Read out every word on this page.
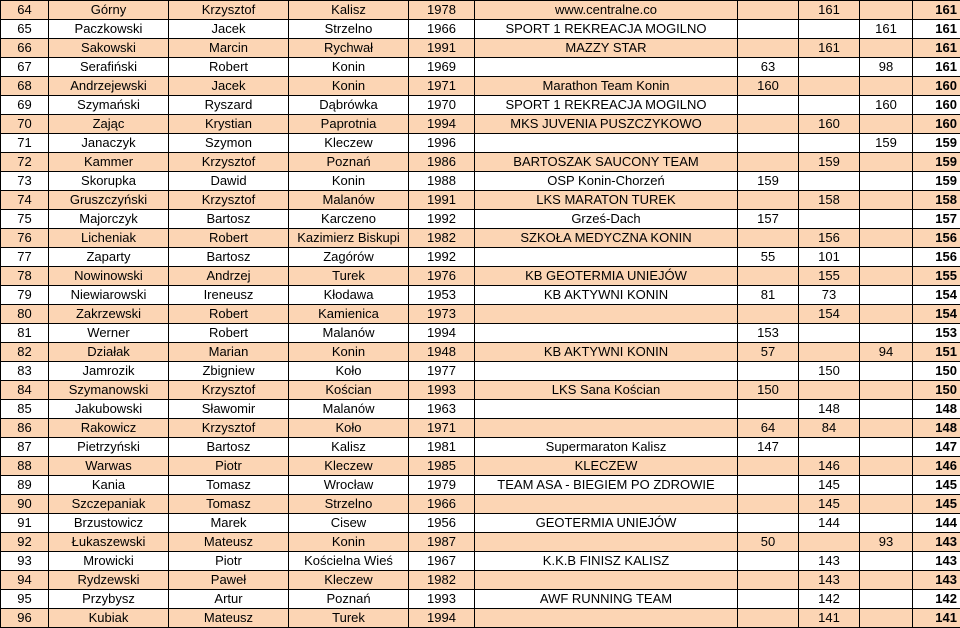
64	Górny	Krzysztof	Kalisz	1978	www.centralne.co		161		161
65	Paczkowski	Jacek	Strzelno	1966	SPORT 1 REKREACJA MOGILNO			161	161
66	Sakowski	Marcin	Rychwał	1991	MAZZY STAR		161		161
67	Serafiński	Robert	Konin	1969		63		98	161
68	Andrzejewski	Jacek	Konin	1971	Marathon Team Konin	160			160
69	Szymański	Ryszard	Dąbrówka	1970	SPORT 1 REKREACJA MOGILNO			160	160
70	Zając	Krystian	Paprotnia	1994	MKS JUVENIA PUSZCZYKOWO		160		160
71	Janaczyk	Szymon	Kleczew	1996				159	159
72	Kammer	Krzysztof	Poznań	1986	BARTOSZAK SAUCONY TEAM		159		159
73	Skorupka	Dawid	Konin	1988	OSP Konin-Chorzeń	159			159
74	Gruszczyński	Krzysztof	Malanów	1991	LKS MARATON TUREK		158		158
75	Majorczyk	Bartosz	Karczeno	1992	Grześ-Dach	157			157
76	Licheniak	Robert	Kazimierz Biskupi	1982	SZKOŁA MEDYCZNA KONIN		156		156
77	Zaparty	Bartosz	Zagórów	1992		55	101		156
78	Nowinowski	Andrzej	Turek	1976	KB GEOTERMIA UNIEJÓW		155		155
79	Niewiarowski	Ireneusz	Kłodawa	1953	KB AKTYWNI KONIN	81	73		154
80	Zakrzewski	Robert	Kamienica	1973			154		154
81	Werner	Robert	Malanów	1994		153			153
82	Działak	Marian	Konin	1948	KB AKTYWNI KONIN	57		94	151
83	Jamrozik	Zbigniew	Koło	1977			150		150
84	Szymanowski	Krzysztof	Kościan	1993	LKS Sana Kościan	150			150
85	Jakubowski	Sławomir	Malanów	1963			148		148
86	Rakowicz	Krzysztof	Koło	1971		64	84		148
87	Pietrzyński	Bartosz	Kalisz	1981	Supermaraton Kalisz	147			147
88	Warwas	Piotr	Kleczew	1985	KLECZEW		146		146
89	Kania	Tomasz	Wrocław	1979	TEAM ASA - BIEGIEM PO ZDROWIE		145		145
90	Szczepaniak	Tomasz	Strzelno	1966			145		145
91	Brzustowicz	Marek	Cisew	1956	GEOTERMIA UNIEJÓW		144		144
92	Łukaszewski	Mateusz	Konin	1987		50		93	143
93	Mrowicki	Piotr	Kościelna Wieś	1967	K.K.B FINISZ KALISZ		143		143
94	Rydzewski	Paweł	Kleczew	1982			143		143
95	Przybysz	Artur	Poznań	1993	AWF RUNNING TEAM		142		142
96	Kubiak	Mateusz	Turek	1994			141		141
